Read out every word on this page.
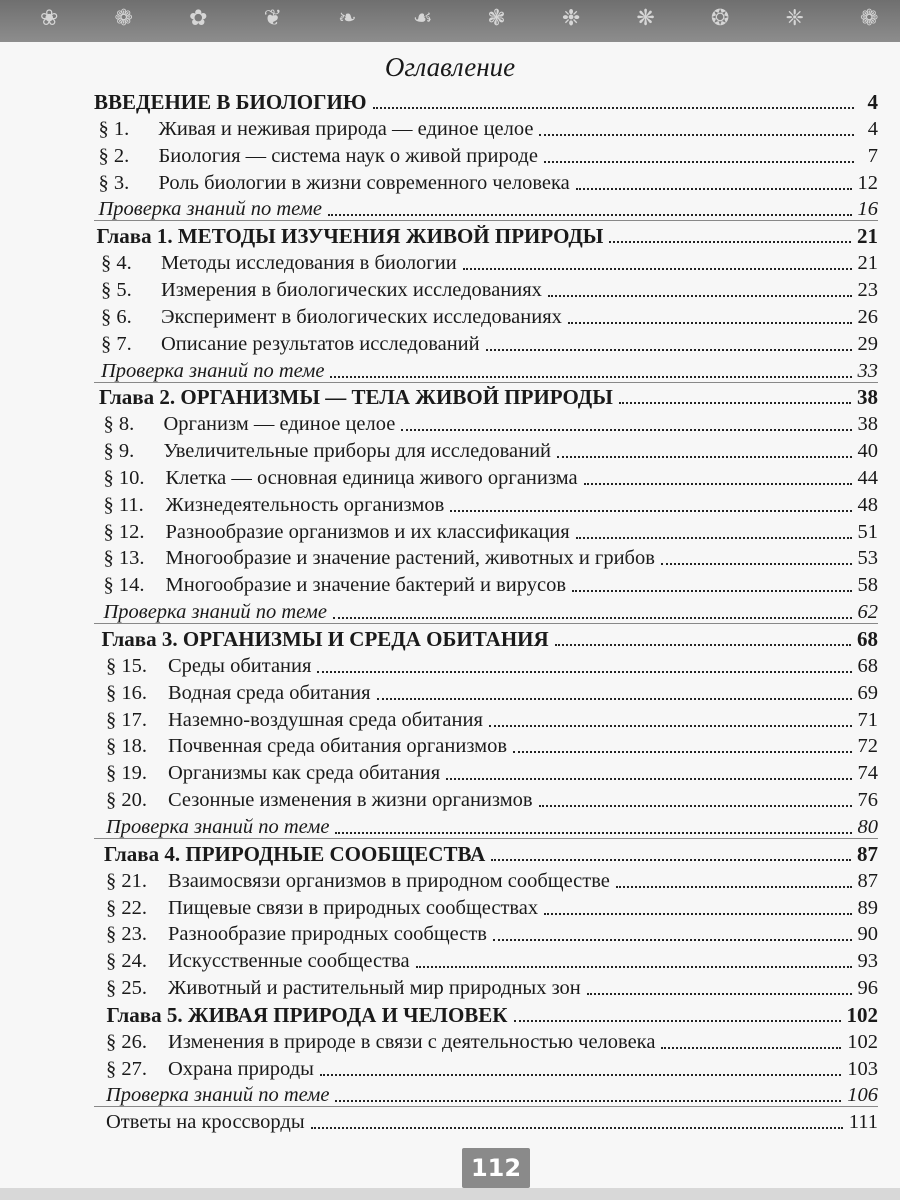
❀	❁	✿	❦	❧	☙ ❃	❉	❋	❂	❈	❁
Оглавление
ВВЕДЕНИЕ В БИОЛОГИЮ	4
§ 1. Живая и неживая природа — единое целое	4
§ 2. Биология — система наук о живой природе	7
§ 3. Роль биологии в жизни современного человека	12
Проверка знаний по теме	16
Глава 1. МЕТОДЫ ИЗУЧЕНИЯ ЖИВОЙ ПРИРОДЫ	21
§ 4. Методы исследования в биологии	21
§ 5. Измерения в биологических исследованиях	23
§ 6. Эксперимент в биологических исследованиях	26
§ 7. Описание результатов исследований	29
Проверка знаний по теме	33
Глава 2. ОРГАНИЗМЫ — ТЕЛА ЖИВОЙ ПРИРОДЫ	38
§ 8. Организм — единое целое	38
§ 9. Увеличительные приборы для исследований	40
§ 10. Клетка — основная единица живого организма	44
§ 11. Жизнедеятельность организмов	48
§ 12. Разнообразие организмов и их классификация	51
§ 13. Многообразие и значение растений, животных и грибов	53
§ 14. Многообразие и значение бактерий и вирусов	58
Проверка знаний по теме	62
Глава 3. ОРГАНИЗМЫ И СРЕДА ОБИТАНИЯ	68
§ 15. Среды обитания	68
§ 16. Водная среда обитания	69
§ 17. Наземно-воздушная среда обитания	71
§ 18. Почвенная среда обитания организмов	72
§ 19. Организмы как среда обитания	74
§ 20. Сезонные изменения в жизни организмов	76
Проверка знаний по теме	80
Глава 4. ПРИРОДНЫЕ СООБЩЕСТВА	87
§ 21. Взаимосвязи организмов в природном сообществе	87
§ 22. Пищевые связи в природных сообществах	89
§ 23. Разнообразие природных сообществ	90
§ 24. Искусственные сообщества	93
§ 25. Животный и растительный мир природных зон	96
Глава 5. ЖИВАЯ ПРИРОДА И ЧЕЛОВЕК	102
§ 26. Изменения в природе в связи с деятельностью человека	102
§ 27. Охрана природы	103
Проверка знаний по теме	106
Ответы на кроссворды	111
112
